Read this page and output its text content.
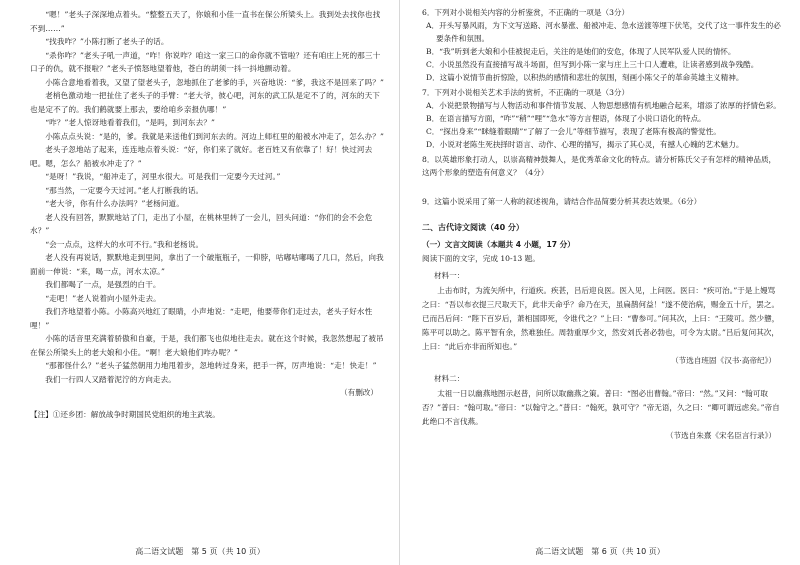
“嗯！”老头子深深地点着头。“整整五天了，你娘和小佳一直书在保公所梁头上。我到处去找你也找不到……”

“找我咋？”小陈打断了老头子的话。

“杀你咋？”老头子吼一声道，“咋！你说咋？咱这一家三口的命你就不管啦？还有咱庄上死的那三十口子的仇，就不报啦？”老头子愤怒地望着他，苍白的胡须一抖一抖地颤动着。

小陈合意地看着我，又望了望老头子，忽地抓住了老爹的手，兴奋地说：“爹，我这不是回来了吗？”

老梢色激动地一把扯住了老头子的手臂：“老大爷，彼心吧，河东的武工队是定不了的，河东的天下也是定不了的。我们鹤就要上那去，要给咱乡亲报仇哪！”

“咋？”老人惊讶地看着我们，“是吗，到河东去？”

小陈点点头说：“是的，爹。我就是来送他们到河东去的。河边上师杠里的船被水冲走了，怎么办？”

老头子忽地站了起来，连连地点着头说：“好，你们来了就好。老百姓又有依靠了！好！快过河去吧。嗯，怎么？船被水冲走了？”

“是呀！”我说，“船冲走了，河里水很大。可是我们一定要今天过河。”

“那当然，一定要今天过河。”老人打断我的话。

“老大爷，你有什么办法吗？”老杨问道。

老人没有回答，默默地站了门，走出了小屋，在桃林里转了一会儿，回头问道：“你们的会不会危水？”

“会一点点，这样大的水可不行。”我和老杨说。

老人没有再说话，默默地走到里间，拿出了一个破瓶瓶子，一仰脖，咕嘟咕嘟喝了几口，然后，向我面前一伸说：“来，喝一点，河水太凉。”

我们都喝了一点，是强烈的白干。

“走吧！”老人说着向小屋外走去。

我们齐地望着小陈。小陈高兴地红了眼睛，小声地说：“走吧，他要带你们走过去，老头子好水性哩！”

小陈的话音里充满着骄傲和自豪，于是，我们都飞也似地往走去。就在这个时候，我忽然想起了被吊在保公所梁头上的老大娘和小佳。“啊！老大娘他们咋办呢？”

“那都怪什么？”老头子猛然朝用力地甩着步，忽地转过身来，把手一挥，厉声地说：“走！快走！”

我们一行四人又踏着泥泞的方向走去。

（有删改）

【注】①还乡团：解放战争时期国民党组织的地主武装。

高二语文试题　第 5 页（共 10 页）

6．下列对小说相关内容的分析鉴赏，不正确的一项是（3分）

A．开头写暴风雨，为下文写送路、河水暴涨、船被冲走、急水送渡等埋下伏笔，交代了这一事件发生的必要条件和氛围。

B．“我”听到老大娘和小佳被捉走后，关注的是她们的安危，体现了人民军队爱人民的情怀。

C．小说虽然没有直接描写战斗场面，但写到小陈一家与庄上三十口人遭难，让读者感到战争残酷。

D．这篇小说情节曲折惊险，以积热的感情和悲壮的氛围，刻画小陈父子的革命英雄主义精神。

7．下列对小说相关艺术手法的赏析，不正确的一项是（3分）

A．小说把景物描写与人物活动和事件情节发展、人物思想感情有机地融合起来，增添了浓厚的抒情色彩。

B．在语言描写方面，“咋”“稍”“哩”“急水”等方言俚语，体现了小说口语化的特点。

C．“探出身来”“眯缝着眼睛”“了解了一会儿”等细节描写，表现了老陈有极高的警觉性。

D．小说对老陈生死抉择时语言、动作、心理的描写，揭示了其心灵，有撼人心魄的艺术魅力。

8．以英雄形象打动人，以崇高精神鼓舞人，是优秀革命文化的特点。请分析陈氏父子有怎样的精神品质，这两个形象的塑造有何意义？（4分）

9．这篇小说采用了第一人称的叙述视角，请结合作品简要分析其表达效果。（6分）

二、古代诗文阅读（40 分）

（一）文言文阅读（本题共 4 小题，17 分）

阅读下面的文字，完成 10-13 题。

材料一：

上击布时，为流矢所中，行道疾。疾甚，吕后迎良医。医入见，上问医。医曰：“疾可治。”于是上嫚骂之曰：“吾以布衣提三尺取天下，此非天命乎？命乃在天，虽扁鹊何益！”遂不使治病，赐金五十斤，罢之。已而吕后问：“陛下百岁后，萧相国即死，令谁代之？”上曰：“曹参可。”问其次，上曰：“王陵可。然少戆，陈平可以助之。陈平智有余，然难独任。周勃重厚少文，然安刘氏者必勃也，可令为太尉。”吕后复问其次，上曰：“此后亦非而所知也。”

（节选自班固《汉书·高帝纪》）

材料二：

太祖一日以幽燕地图示赵普，问所以取幽燕之策。普曰：“图必出曹翰。”帝曰：“然。”又问：“翰可取否？”普曰：“翰可取。”帝曰：“以翰守之。”普曰：“翰死，孰可守？”帝无语，久之曰：“卿可谓远虑矣。”帝自此绝口不言伐燕。

（节选自朱熹《宋名臣言行录》）

高二语文试题　第 6 页（共 10 页）
